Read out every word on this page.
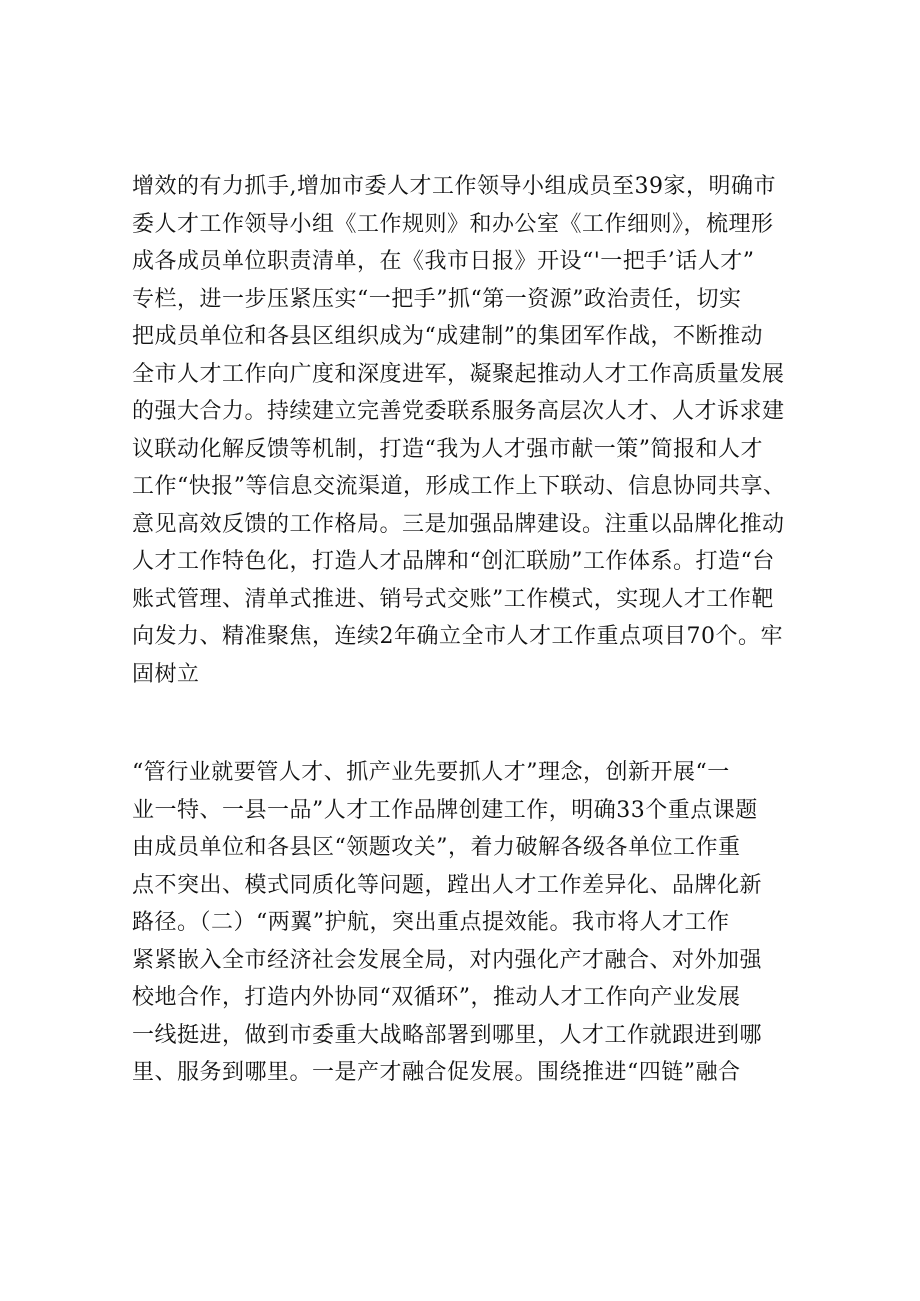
增效的有力抓手,增加市委人才工作领导小组成员至39家，明确市
委人才工作领导小组《工作规则》和办公室《工作细则》，梳理形
成各成员单位职责清单，在《我市日报》开设“'一把手’话人才”
专栏，进一步压紧压实“一把手”抓“第一资源”政治责任，切实
把成员单位和各县区组织成为“成建制”的集团军作战，不断推动
全市人才工作向广度和深度进军，凝聚起推动人才工作高质量发展
的强大合力。持续建立完善党委联系服务高层次人才、人才诉求建
议联动化解反馈等机制，打造“我为人才强市献一策”简报和人才
工作“快报”等信息交流渠道，形成工作上下联动、信息协同共享、
意见高效反馈的工作格局。三是加强品牌建设。注重以品牌化推动
人才工作特色化，打造人才品牌和“创汇联励”工作体系。打造“台
账式管理、清单式推进、销号式交账”工作模式，实现人才工作靶
向发力、精准聚焦，连续2年确立全市人才工作重点项目70个。牢
固树立
“管行业就要管人才、抓产业先要抓人才”理念，创新开展“一
业一特、一县一品”人才工作品牌创建工作，明确33个重点课题
由成员单位和各县区“领题攻关”，着力破解各级各单位工作重
点不突出、模式同质化等问题，蹚出人才工作差异化、品牌化新
路径。（二）“两翼”护航，突出重点提效能。我市将人才工作
紧紧嵌入全市经济社会发展全局，对内强化产才融合、对外加强
校地合作，打造内外协同“双循环”，推动人才工作向产业发展
一线挺进，做到市委重大战略部署到哪里，人才工作就跟进到哪
里、服务到哪里。一是产才融合促发展。围绕推进“四链”融合
